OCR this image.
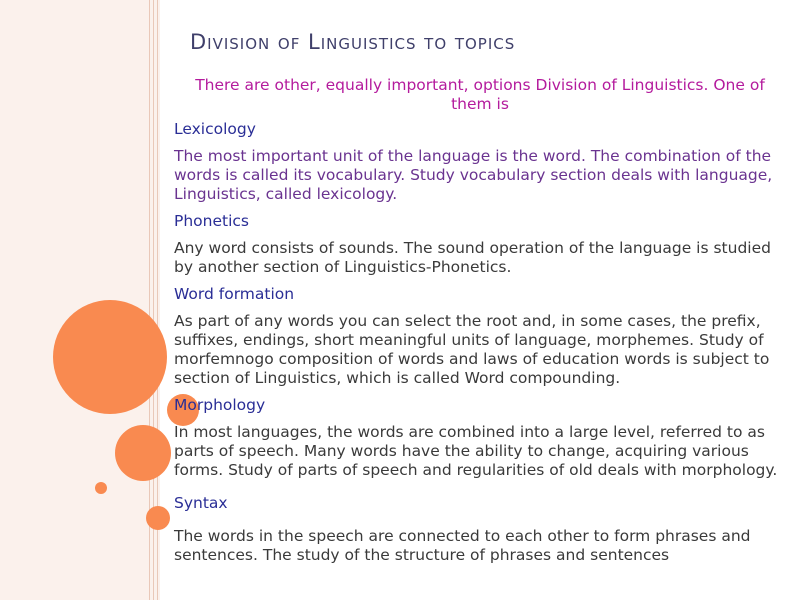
Division of Linguistics to topics

There are other, equally important, options Division of Linguistics. One of them is

Lexicology

The most important unit of the language is the word. The combination of the words is called its vocabulary. Study vocabulary section deals with language, Linguistics, called lexicology.

Phonetics

Any word consists of sounds. The sound operation of the language is studied by another section of Linguistics-Phonetics.

Word formation

As part of any words you can select the root and, in some cases, the prefix, suffixes, endings, short meaningful units of language, morphemes. Study of morfemnogo composition of words and laws of education words is subject to section of Linguistics, which is called Word compounding.

Morphology

In most languages, the words are combined into a large level, referred to as parts of speech. Many words have the ability to change, acquiring various forms. Study of parts of speech and regularities of old deals with morphology.

Syntax

The words in the speech are connected to each other to form phrases and sentences. The study of the structure of phrases and sentences
